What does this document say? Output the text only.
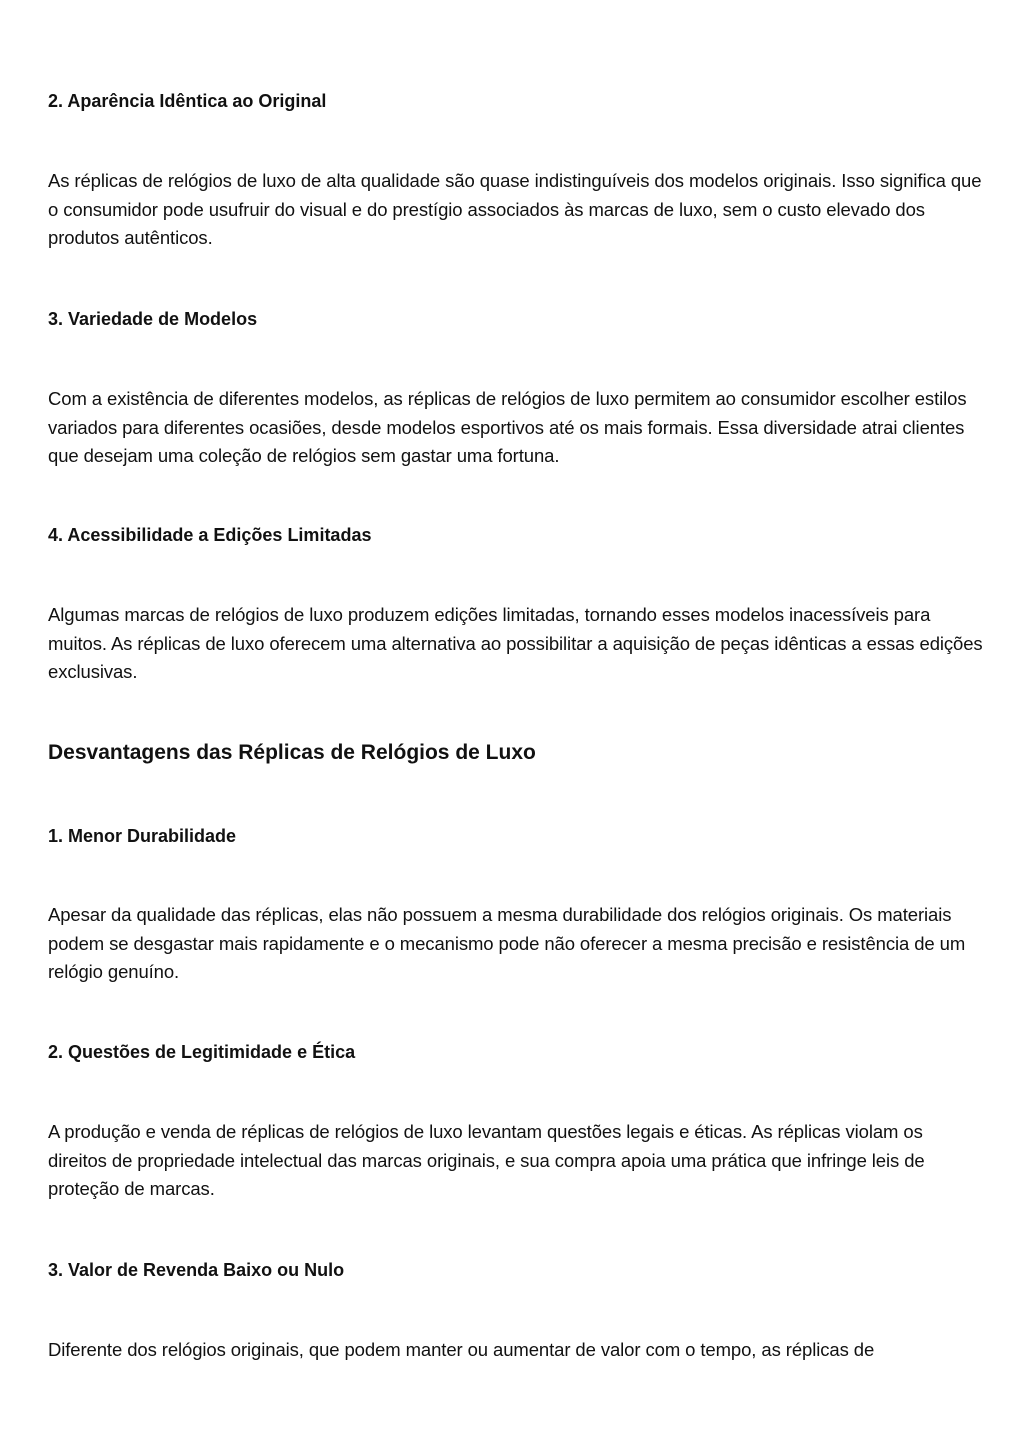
2. Aparência Idêntica ao Original

As réplicas de relógios de luxo de alta qualidade são quase indistinguíveis dos modelos originais. Isso significa que o consumidor pode usufruir do visual e do prestígio associados às marcas de luxo, sem o custo elevado dos produtos autênticos.

3. Variedade de Modelos

Com a existência de diferentes modelos, as réplicas de relógios de luxo permitem ao consumidor escolher estilos variados para diferentes ocasiões, desde modelos esportivos até os mais formais. Essa diversidade atrai clientes que desejam uma coleção de relógios sem gastar uma fortuna.

4. Acessibilidade a Edições Limitadas

Algumas marcas de relógios de luxo produzem edições limitadas, tornando esses modelos inacessíveis para muitos. As réplicas de luxo oferecem uma alternativa ao possibilitar a aquisição de peças idênticas a essas edições exclusivas.

Desvantagens das Réplicas de Relógios de Luxo
1. Menor Durabilidade

Apesar da qualidade das réplicas, elas não possuem a mesma durabilidade dos relógios originais. Os materiais podem se desgastar mais rapidamente e o mecanismo pode não oferecer a mesma precisão e resistência de um relógio genuíno.

2. Questões de Legitimidade e Ética

A produção e venda de réplicas de relógios de luxo levantam questões legais e éticas. As réplicas violam os direitos de propriedade intelectual das marcas originais, e sua compra apoia uma prática que infringe leis de proteção de marcas.

3. Valor de Revenda Baixo ou Nulo

Diferente dos relógios originais, que podem manter ou aumentar de valor com o tempo, as réplicas de
